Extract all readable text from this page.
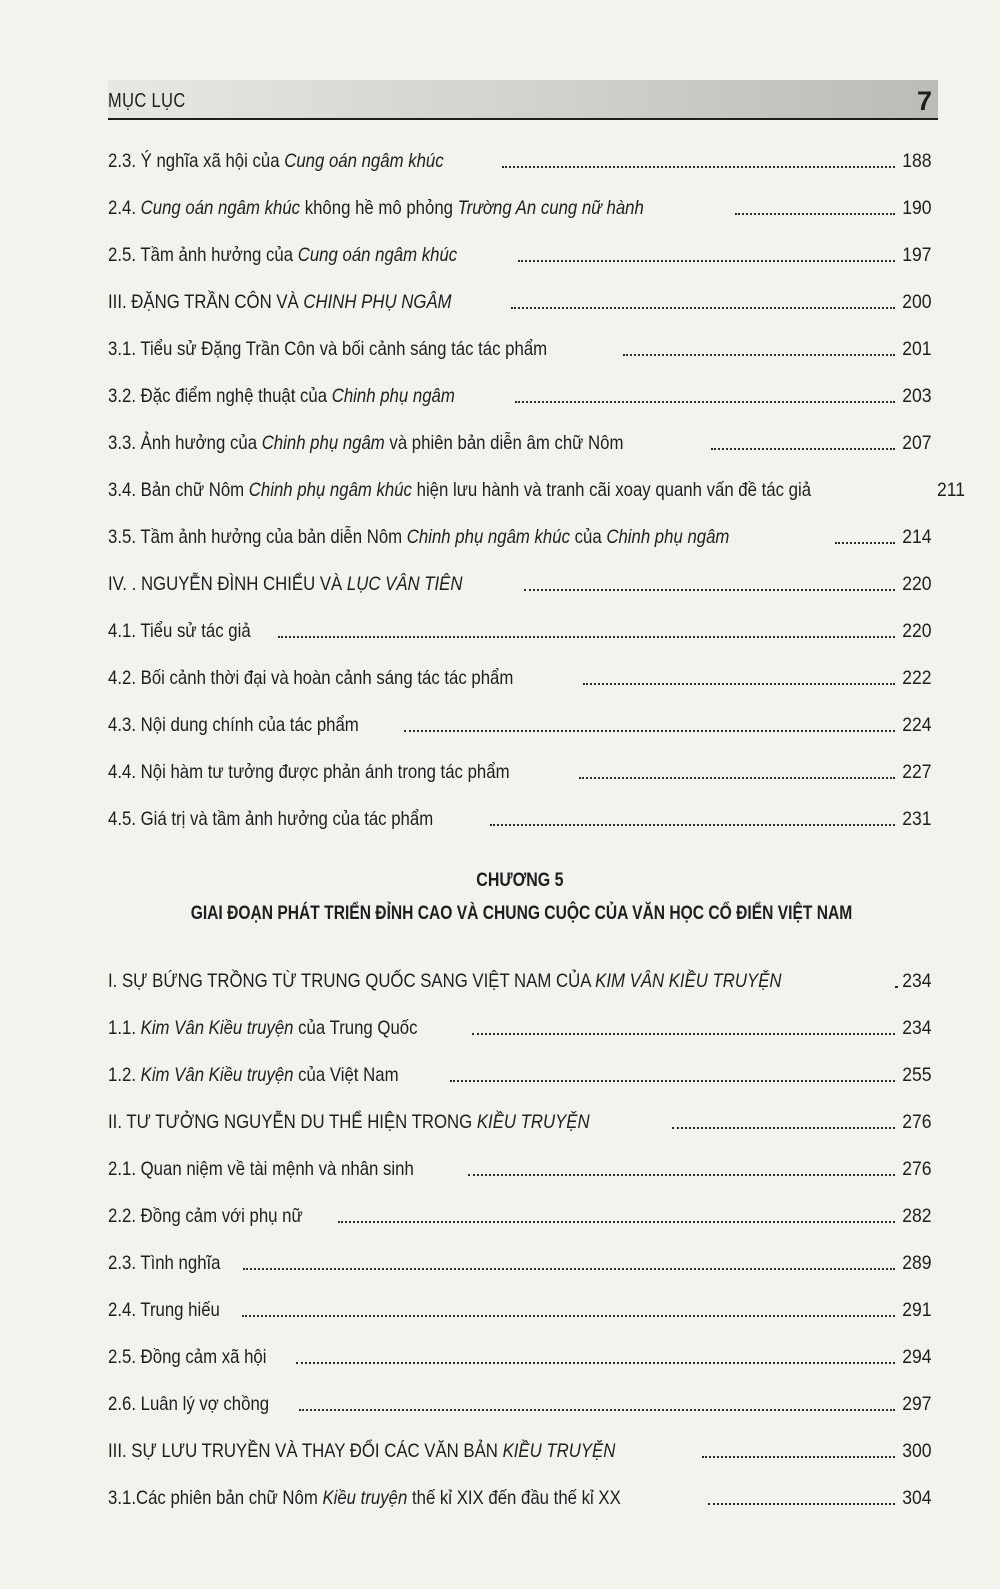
MỤC LỤC	7
2.3. Ý nghĩa xã hội của Cung oán ngâm khúc	188
2.4. Cung oán ngâm khúc không hề mô phỏng Trường An cung nữ hành	190
2.5. Tầm ảnh hưởng của Cung oán ngâm khúc	197
III. ĐẶNG TRẦN CÔN VÀ CHINH PHỤ NGÂM	200
3.1. Tiểu sử Đặng Trần Côn và bối cảnh sáng tác tác phẩm	201
3.2. Đặc điểm nghệ thuật của Chinh phụ ngâm	203
3.3. Ảnh hưởng của Chinh phụ ngâm và phiên bản diễn âm chữ Nôm	207
3.4. Bản chữ Nôm Chinh phụ ngâm khúc hiện lưu hành và tranh cãi xoay quanh vấn đề tác giả	211
3.5. Tầm ảnh hưởng của bản diễn Nôm Chinh phụ ngâm khúc của Chinh phụ ngâm	214
IV. . NGUYỄN ĐÌNH CHIỂU VÀ LỤC VÂN TIÊN	220
4.1. Tiểu sử tác giả	220
4.2. Bối cảnh thời đại và hoàn cảnh sáng tác tác phẩm	222
4.3. Nội dung chính của tác phẩm	224
4.4. Nội hàm tư tưởng được phản ánh trong tác phẩm	227
4.5. Giá trị và tầm ảnh hưởng của tác phẩm	231
CHƯƠNG 5
GIAI ĐOẠN PHÁT TRIỂN ĐỈNH CAO VÀ CHUNG CUỘC CỦA VĂN HỌC CỔ ĐIỂN VIỆT NAM
I. SỰ BỨNG TRỒNG TỪ TRUNG QUỐC SANG VIỆT NAM CỦA KIM VÂN KIỀU TRUYỆN	234
1.1. Kim Vân Kiều truyện của Trung Quốc	234
1.2. Kim Vân Kiều truyện của Việt Nam	255
II. TƯ TƯỞNG NGUYỄN DU THỂ HIỆN TRONG KIỀU TRUYỆN	276
2.1. Quan niệm về tài mệnh và nhân sinh	276
2.2. Đồng cảm với phụ nữ	282
2.3. Tình nghĩa	289
2.4. Trung hiếu	291
2.5. Đồng cảm xã hội	294
2.6. Luân lý vợ chồng	297
III. SỰ LƯU TRUYỀN VÀ THAY ĐỔI CÁC VĂN BẢN KIỀU TRUYỆN	300
3.1.Các phiên bản chữ Nôm Kiều truyện thế kỉ XIX đến đầu thế kỉ XX	304
